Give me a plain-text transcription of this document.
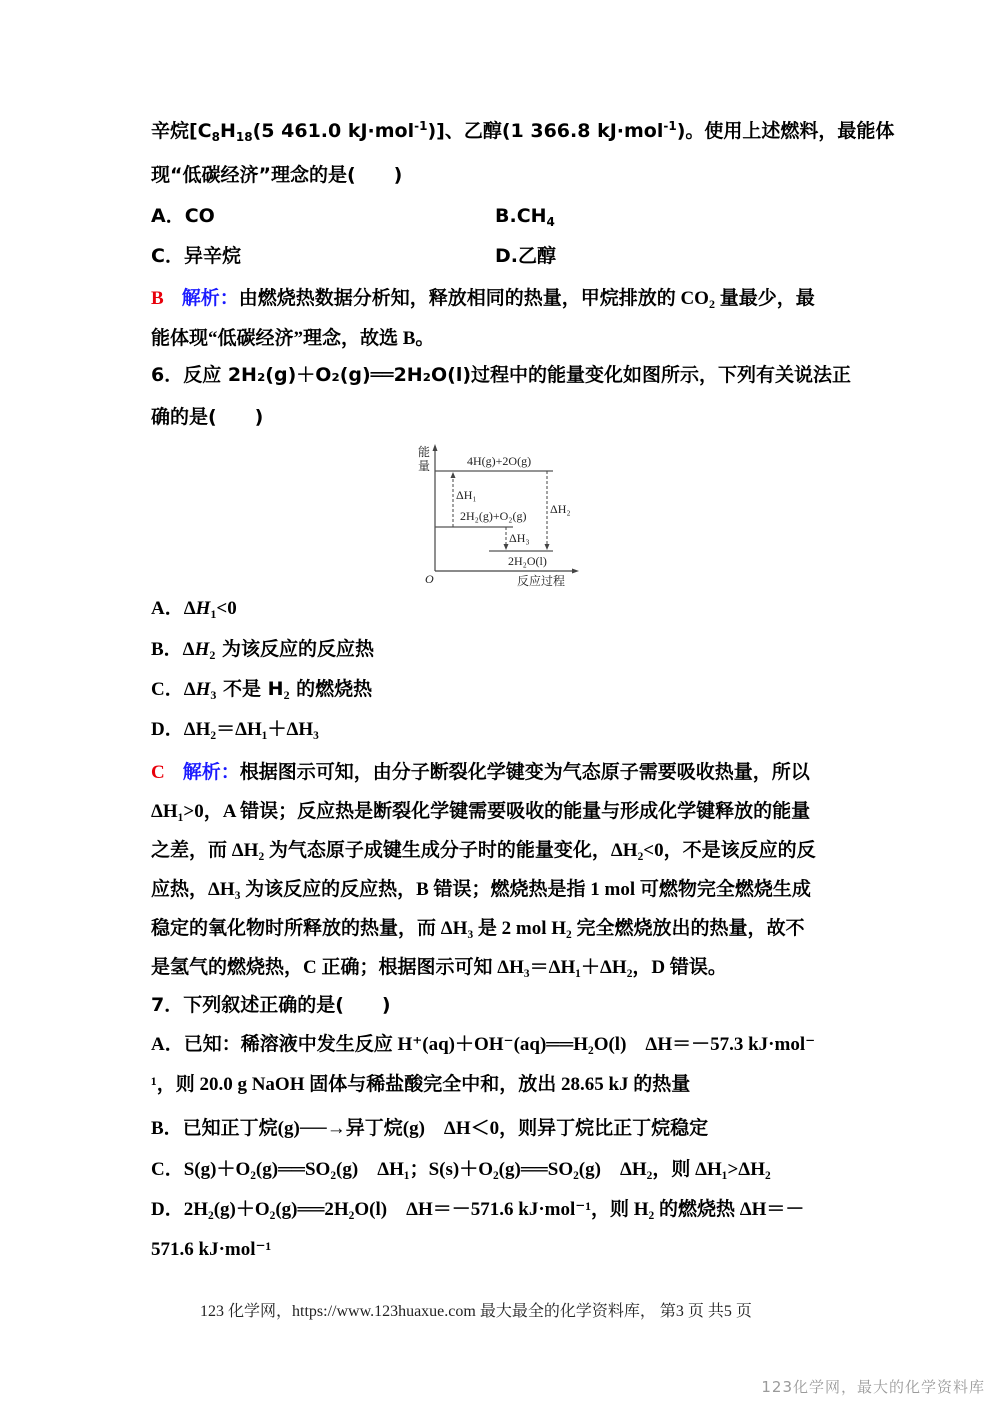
辛烷[$C_8H_{18}(5$ 461.0 kJ·mol$^{-1}$)]、乙醇(1 366.8 kJ·mol$^{-1}$)。使用上述燃料，最能体
现“低碳经济”理念的是(　　)
A．CO	$B.CH_4$
C．异辛烷	D.乙醇
B 解析：由燃烧热数据分析知，释放相同的热量，甲烷排放的 $CO_2$ 量最少，最
能体现“低碳经济”理念，故选 B。
6．反应 2H₂(g)＋O₂(g)══2H₂O(l)过程中的能量变化如图所示，下列有关说法正
确的是(　　)
能
量
O	反应过程
4H(g)+2O(g)
2H₂(g)+O₂(g)
2H₂O(l)
ΔH₁
ΔH₂
ΔH₃
A．$\Delta H_1<0$
B．$\Delta H_2$ 为该反应的反应热
C．$\Delta H_3$ 不是 $H_2$ 的燃烧热
D．ΔH₂＝ΔH₁＋ΔH₃
C 解析：根据图示可知，由分子断裂化学键变为气态原子需要吸收热量，所以
ΔH₁>0，A 错误；反应热是断裂化学键需要吸收的能量与形成化学键释放的能量
之差，而 ΔH₂ 为气态原子成键生成分子时的能量变化，ΔH₂<0，不是该反应的反
应热，ΔH₃ 为该反应的反应热，B 错误；燃烧热是指 1 mol 可燃物完全燃烧生成
稳定的氧化物时所释放的热量，而 ΔH₃ 是 2 mol H₂ 完全燃烧放出的热量，故不
是氢气的燃烧热，C 正确；根据图示可知 ΔH₃＝ΔH₁＋ΔH₂，D 错误。
7．下列叙述正确的是(　　)
A．已知：稀溶液中发生反应 H⁺(aq)＋OH⁻(aq)══H₂O(l)　ΔH＝－57.3 kJ·mol⁻
¹，则 20.0 g NaOH 固体与稀盐酸完全中和，放出 28.65 kJ 的热量
B．已知正丁烷(g)──→异丁烷(g)　ΔH＜0，则异丁烷比正丁烷稳定
C．S(g)＋O₂(g)══SO₂(g)　ΔH₁；S(s)＋O₂(g)══SO₂(g)　ΔH₂，则 ΔH₁>ΔH₂
D．2H₂(g)＋O₂(g)══2H₂O(l)　ΔH＝－571.6 kJ·mol⁻¹，则 H₂ 的燃烧热 ΔH＝－
571.6 kJ·mol⁻¹
123 化学网，https://www.123huaxue.com 最大最全的化学资料库， 第3 页 共5 页
123化学网，最大的化学资料库
